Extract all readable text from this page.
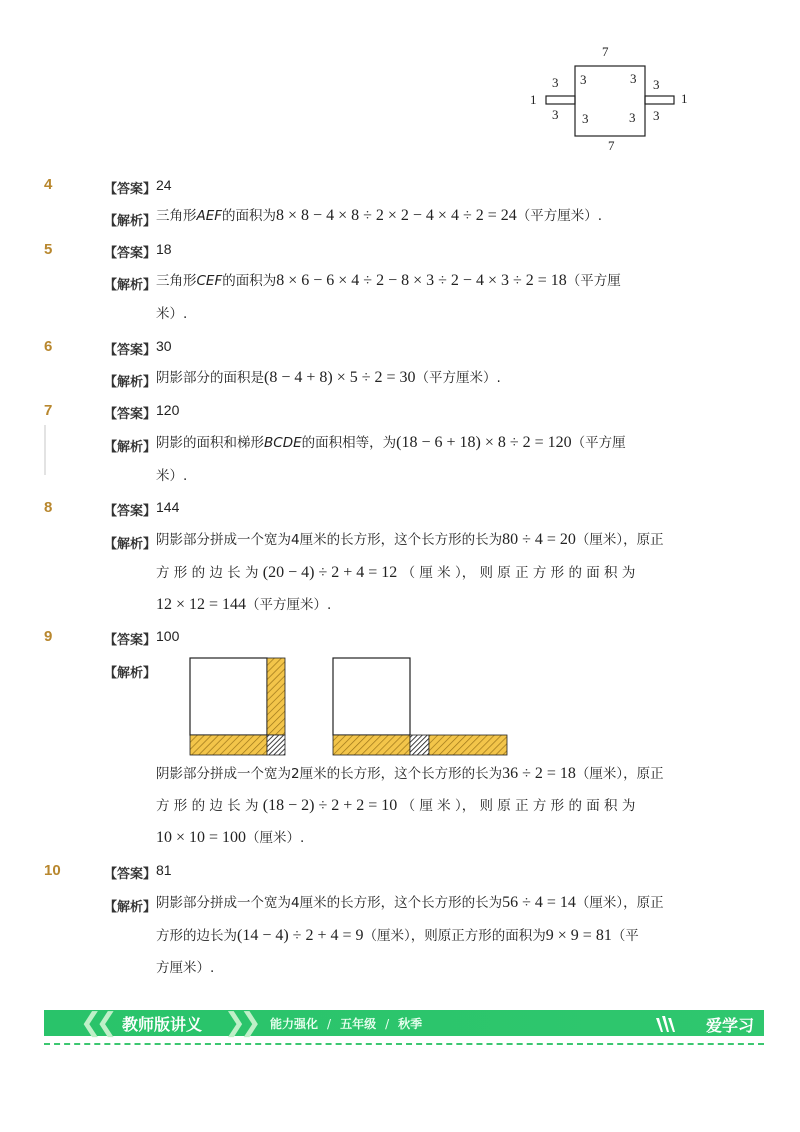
7
7
1	1
3
3
3
3
3
3
3
3
4	【答案】 24
【解析】 三角形AEF的面积为8 × 8 − 4 × 8 ÷ 2 × 2 − 4 × 4 ÷ 2 = 24（平方厘米）.
5	【答案】 18
【解析】 三角形CEF的面积为8 × 6 − 6 × 4 ÷ 2 − 8 × 3 ÷ 2 − 4 × 3 ÷ 2 = 18（平方厘
米）.
6	【答案】 30
【解析】 阴影部分的面积是(8 − 4 + 8) × 5 ÷ 2 = 30（平方厘米）.
7	【答案】 120
【解析】 阴影的面积和梯形BCDE的面积相等，为(18 − 6 + 18) × 8 ÷ 2 = 120（平方厘
米）.
8	【答案】 144
【解析】 阴影部分拼成一个宽为4厘米的长方形，这个长方形的长为80 ÷ 4 = 20（厘米），原正
方 形 的 边 长 为 (20 − 4) ÷ 2 + 4 = 12 （ 厘 米 ）， 则 原 正 方 形 的 面 积 为
12 × 12 = 144（平方厘米）.
9	【答案】 100
【解析】
阴影部分拼成一个宽为2厘米的长方形，这个长方形的长为36 ÷ 2 = 18（厘米），原正
方 形 的 边 长 为 (18 − 2) ÷ 2 + 2 = 10 （ 厘 米 ）， 则 原 正 方 形 的 面 积 为
10 × 10 = 100（厘米）.
10	【答案】 81
【解析】 阴影部分拼成一个宽为4厘米的长方形，这个长方形的长为56 ÷ 4 = 14（厘米），原正
方形的边长为(14 − 4) ÷ 2 + 4 = 9（厘米），则原正方形的面积为9 × 9 = 81（平
方厘米）.
❮❮ 教师版讲义 ❯❯ 能力强化 / 五年级 / 秋季	爱学习
